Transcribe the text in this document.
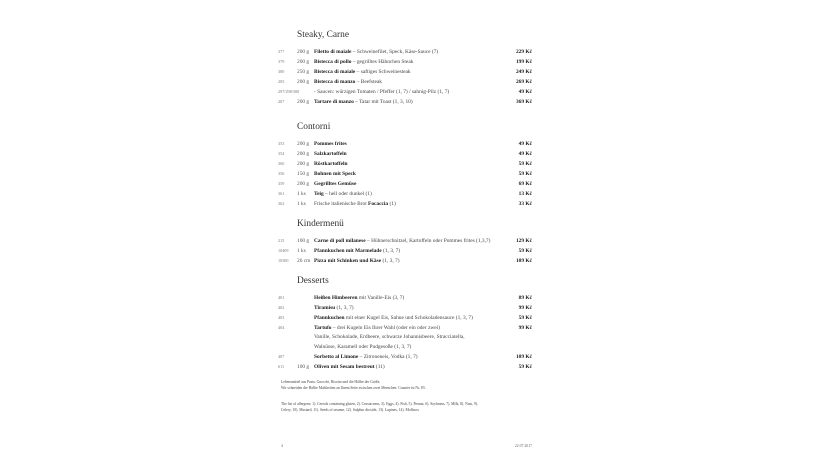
Steaky, Carne
377	200 g Filetto di maiale – Schweinefilet, Speck, Käse-Sauce (7)	229 Kč
379	200 g Bistecca di pollo – gegrilltes Hähnchen Steak	199 Kč
380	250 g Bistecca di maiale – saftiges Schweinesteak	249 Kč
205	200 g Bistecca di manzo – Beefsteak	269 Kč
297/298/300	- Saucen: würzigen Tomaten / Pfeffer (1, 7) / sahnig-Pilz (1, 7)	49 Kč
207	200 g Tartare di manzo – Tatar mit Toast (1, 3, 10)	369 Kč
Contorni
353	200 g Pommes frites	49 Kč
354	200 g Salzkartoffeln	49 Kč
360	200 g Röstkartoffeln	59 Kč
356	150 g Bohnen mit Speck	59 Kč
359	200 g Gegrilltes Gemüse	69 Kč
361	1 ks	Teig – hell oder dunkel (1)	13 Kč
362	1 ks	Frische italienische Brot Focaccia (1)	33 Kč
Kindermenü
215	100 g Carne di poll milanese – Hühnerschnitzel, Kartoffeln oder Pommes frites (1,3,7)	129 Kč
10409	1 ks	Pfannkuchen mit Marmelade (1, 3, 7)	59 Kč
10300	26 cm Pizza mit Schinken und Käse (1, 3, 7)	109 Kč
Desserts
401	Heißen Himbeeren mit Vanille-Eis (3, 7)	89 Kč
402	Tiramisu (1, 3, 7)	99 Kč
403	Pfannkuchen mit einer Kugel Eis, Sahne und Schokoladensauce (1, 3, 7)	59 Kč
404	Tartufo – drei Kugeln Eis Ihrer Wahl (oder ein oder zwei)	99 Kč
Vanille, Schokolade, Erdbeere, schwarze Johannisbeere, Stracciatella,
Walnüsse, Karamell oder Pudgesoße (1, 3, 7)
407	Sorbetto al Limone – Zitroneneis, Vodka (1, 7)	109 Kč
611	100 g Oliven mit Sesam bestreut (11)	59 Kč
Lebensmittel aus Pasta, Gnocchi, Risotto und die Hälfte der Größe.
Wir schneiden die Hälfte Mahlzeiten an Ihrem Seite zwischen zwei Menschen. Counter ist Nr. 83.
The list of allergens: 1). Cereals containing gluten, 2). Crustaceans, 3). Eggs, 4). Fish, 5). Peanut, 6). Soybeans, 7). Milk, 8). Nuts, 9).
Celery, 10). Mustard, 11). Seeds of sesame, 12). Sulphur dioxide, 13). Lupines, 14). Molluscs
4	22.07.2017
